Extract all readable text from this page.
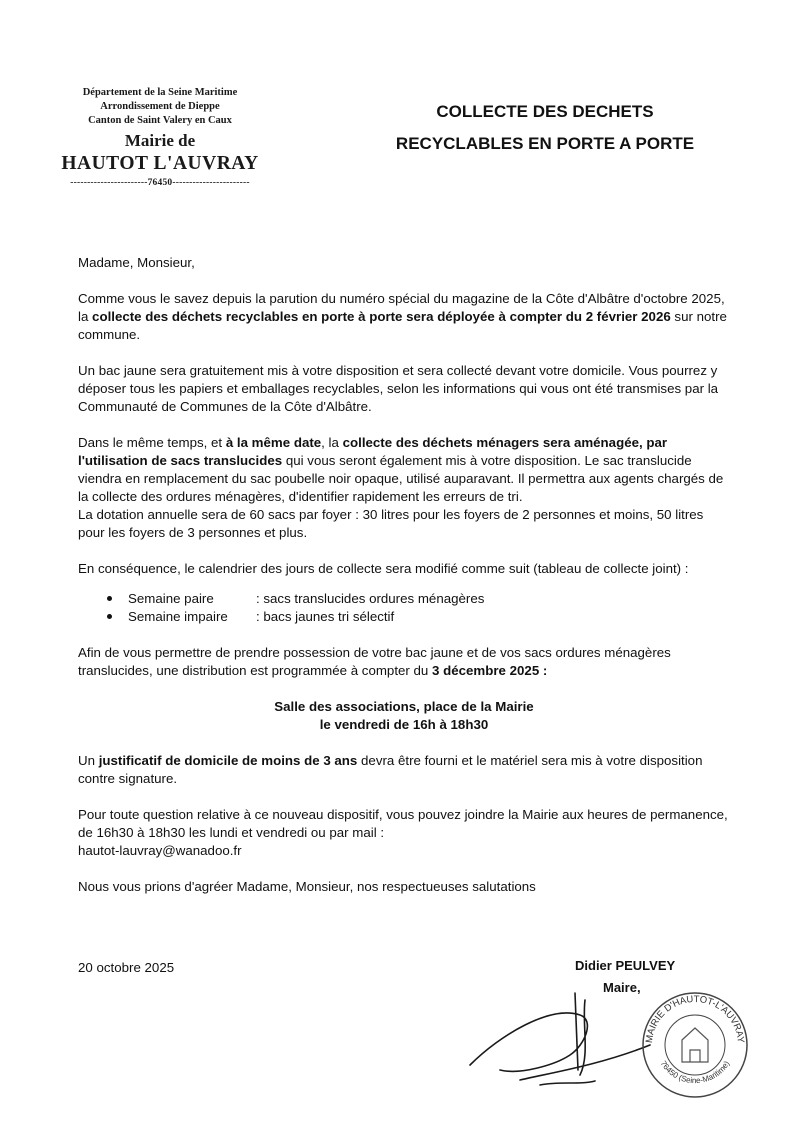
Département de la Seine Maritime
Arrondissement de Dieppe
Canton de Saint Valery en Caux
Mairie de
HAUTOT L'AUVRAY
-----------------------76450-----------------------
COLLECTE DES DECHETS
RECYCLABLES EN PORTE A PORTE

Madame, Monsieur,

Comme vous le savez depuis la parution du numéro spécial du magazine de la Côte d'Albâtre d'octobre 2025, la collecte des déchets recyclables en porte à porte sera déployée à compter du 2 février 2026 sur notre commune.

Un bac jaune sera gratuitement mis à votre disposition et sera collecté devant votre domicile. Vous pourrez y déposer tous les papiers et emballages recyclables, selon les informations qui vous ont été transmises par la Communauté de Communes de la Côte d'Albâtre.

Dans le même temps, et à la même date, la collecte des déchets ménagers sera aménagée, par l'utilisation de sacs translucides qui vous seront également mis à votre disposition. Le sac translucide viendra en remplacement du sac poubelle noir opaque, utilisé auparavant. Il permettra aux agents chargés de la collecte des ordures ménagères, d'identifier rapidement les erreurs de tri.

La dotation annuelle sera de 60 sacs par foyer : 30 litres pour les foyers de 2 personnes et moins, 50 litres pour les foyers de 3 personnes et plus.

En conséquence, le calendrier des jours de collecte sera modifié comme suit (tableau de collecte joint) :

Semaine paire	: sacs translucides ordures ménagères
Semaine impaire : bacs jaunes tri sélectif

Afin de vous permettre de prendre possession de votre bac jaune et de vos sacs ordures ménagères translucides, une distribution est programmée à compter du 3 décembre 2025 :

Salle des associations, place de la Mairie
le vendredi de 16h à 18h30

Un justificatif de domicile de moins de 3 ans devra être fourni et le matériel sera mis à votre disposition contre signature.

Pour toute question relative à ce nouveau dispositif, vous pouvez joindre la Mairie aux heures de permanence, de 16h30 à 18h30 les lundi et vendredi ou par mail :

hautot-lauvray@wanadoo.fr

Nous vous prions d'agréer Madame, Monsieur, nos respectueuses salutations

20 octobre 2025	Didier PEULVEY
Maire,
MAIRIE D'HAUTOT-L'AUVRAY
76450 (Seine-Maritime)
